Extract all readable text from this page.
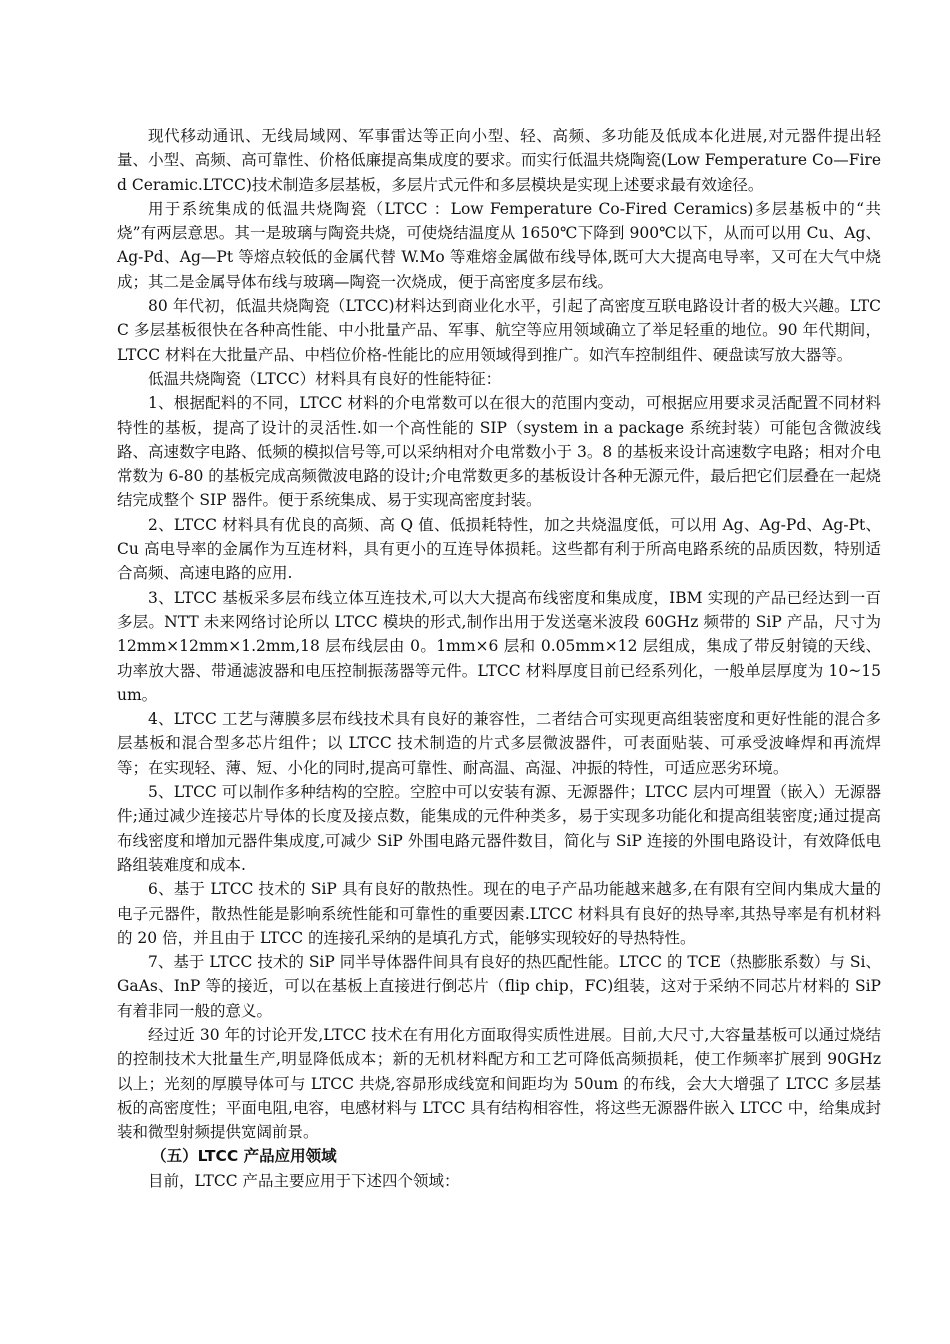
现代移动通讯、无线局域网、军事雷达等正向小型、轻、高频、多功能及低成本化进展,对元器件提出轻量、小型、高频、高可靠性、价格低廉提高集成度的要求。而实行低温共烧陶瓷(Low Femperature Co—Fired Ceramic.LTCC)技术制造多层基板，多层片式元件和多层模块是实现上述要求最有效途径。

用于系统集成的低温共烧陶瓷（LTCC ：Low Femperature Co-Fired Ceramics)多层基板中的“共烧”有两层意思。其一是玻璃与陶瓷共烧，可使烧结温度从 1650℃下降到 900℃以下，从而可以用 Cu、Ag、Ag-Pd、Ag—Pt 等熔点较低的金属代替 W.Mo 等难熔金属做布线导体,既可大大提高电导率，又可在大气中烧成；其二是金属导体布线与玻璃—陶瓷一次烧成，便于高密度多层布线。

80 年代初，低温共烧陶瓷（LTCC)材料达到商业化水平，引起了高密度互联电路设计者的极大兴趣。LTCC 多层基板很快在各种高性能、中小批量产品、军事、航空等应用领域确立了举足轻重的地位。90 年代期间，LTCC 材料在大批量产品、中档位价格-性能比的应用领域得到推广。如汽车控制组件、硬盘读写放大器等。

低温共烧陶瓷（LTCC）材料具有良好的性能特征：

1、根据配料的不同，LTCC 材料的介电常数可以在很大的范围内变动，可根据应用要求灵活配置不同材料特性的基板，提高了设计的灵活性.如一个高性能的 SIP（system in a package 系统封装）可能包含微波线路、高速数字电路、低频的模拟信号等,可以采纳相对介电常数小于 3。8 的基板来设计高速数字电路；相对介电常数为 6-80 的基板完成高频微波电路的设计;介电常数更多的基板设计各种无源元件，最后把它们层叠在一起烧结完成整个 SIP 器件。便于系统集成、易于实现高密度封装。

2、LTCC 材料具有优良的高频、高 Q 值、低损耗特性，加之共烧温度低，可以用 Ag、Ag-Pd、Ag-Pt、Cu 高电导率的金属作为互连材料，具有更小的互连导体损耗。这些都有利于所高电路系统的品质因数，特别适合高频、高速电路的应用.

3、LTCC 基板采多层布线立体互连技术,可以大大提高布线密度和集成度，IBM 实现的产品已经达到一百多层。NTT 未来网络讨论所以 LTCC 模块的形式,制作出用于发送毫米波段 60GHz 频带的 SiP 产品，尺寸为 12mm×12mm×1.2mm,18 层布线层由 0。1mm×6 层和 0.05mm×12 层组成，集成了带反射镜的天线、功率放大器、带通滤波器和电压控制振荡器等元件。LTCC 材料厚度目前已经系列化，一般单层厚度为 10~15um。

4、LTCC 工艺与薄膜多层布线技术具有良好的兼容性，二者结合可实现更高组装密度和更好性能的混合多层基板和混合型多芯片组件；以 LTCC 技术制造的片式多层微波器件，可表面贴装、可承受波峰焊和再流焊等；在实现轻、薄、短、小化的同时,提高可靠性、耐高温、高湿、冲振的特性，可适应恶劣环境。

5、LTCC 可以制作多种结构的空腔。空腔中可以安装有源、无源器件；LTCC 层内可埋置（嵌入）无源器件;通过减少连接芯片导体的长度及接点数，能集成的元件种类多，易于实现多功能化和提高组装密度;通过提高布线密度和增加元器件集成度,可减少 SiP 外围电路元器件数目，简化与 SiP 连接的外围电路设计，有效降低电路组装难度和成本.

6、基于 LTCC 技术的 SiP 具有良好的散热性。现在的电子产品功能越来越多,在有限有空间内集成大量的电子元器件，散热性能是影响系统性能和可靠性的重要因素.LTCC 材料具有良好的热导率,其热导率是有机材料的 20 倍，并且由于 LTCC 的连接孔采纳的是填孔方式，能够实现较好的导热特性。

7、基于 LTCC 技术的 SiP 同半导体器件间具有良好的热匹配性能。LTCC 的 TCE（热膨胀系数）与 Si、GaAs、InP 等的接近，可以在基板上直接进行倒芯片（flip chip，FC)组装，这对于采纳不同芯片材料的 SiP 有着非同一般的意义。

经过近 30 年的讨论开发,LTCC 技术在有用化方面取得实质性进展。目前,大尺寸,大容量基板可以通过烧结的控制技术大批量生产,明显降低成本；新的无机材料配方和工艺可降低高频损耗，使工作频率扩展到 90GHz 以上；光刻的厚膜导体可与 LTCC 共烧,容昴形成线宽和间距均为 50um 的布线，会大大增强了 LTCC 多层基板的高密度性；平面电阻,电容，电感材料与 LTCC 具有结构相容性，将这些无源器件嵌入 LTCC 中，给集成封装和微型射频提供宽阔前景。

（五）LTCC 产品应用领域

目前，LTCC 产品主要应用于下述四个领域：
